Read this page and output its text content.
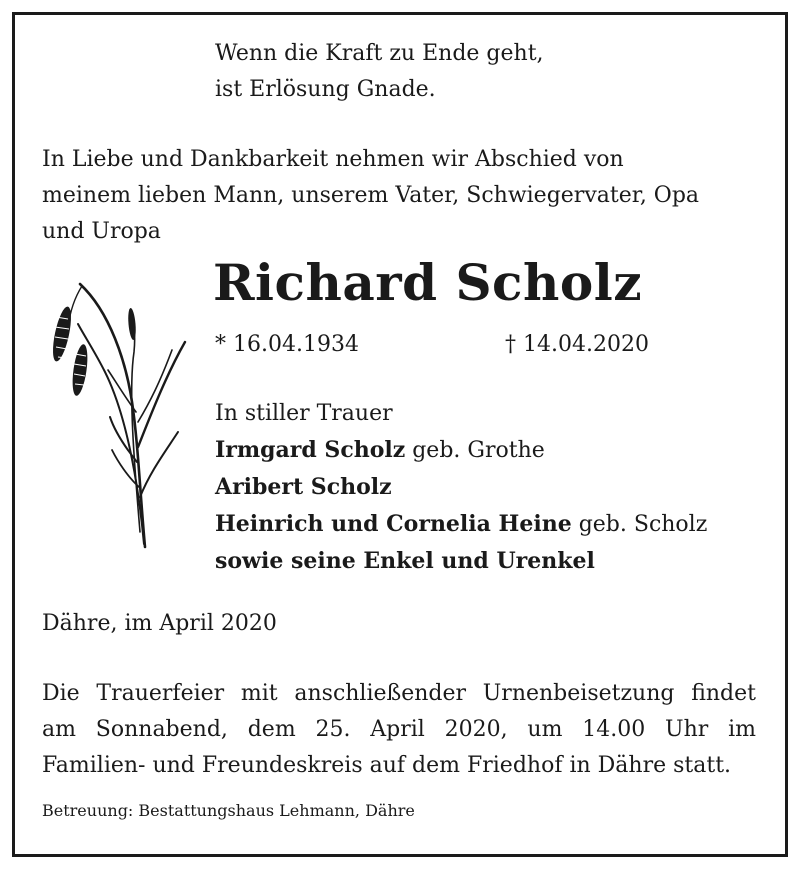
Wenn die Kraft zu Ende geht,
ist Erlösung Gnade.
In Liebe und Dankbarkeit nehmen wir Abschied von
meinem lieben Mann, unserem Vater, Schwiegervater, Opa
und Uropa
Richard Scholz
* 16.04.1934	† 14.04.2020
In stiller Trauer
Irmgard Scholz geb. Grothe
Aribert Scholz
Heinrich und Cornelia Heine geb. Scholz
sowie seine Enkel und Urenkel
Dähre, im April 2020
Die Trauerfeier mit anschließender Urnenbeisetzung findet
am Sonnabend, dem 25. April 2020, um 14.00 Uhr im
Familien- und Freundeskreis auf dem Friedhof in Dähre statt.
Betreuung: Bestattungshaus Lehmann, Dähre
